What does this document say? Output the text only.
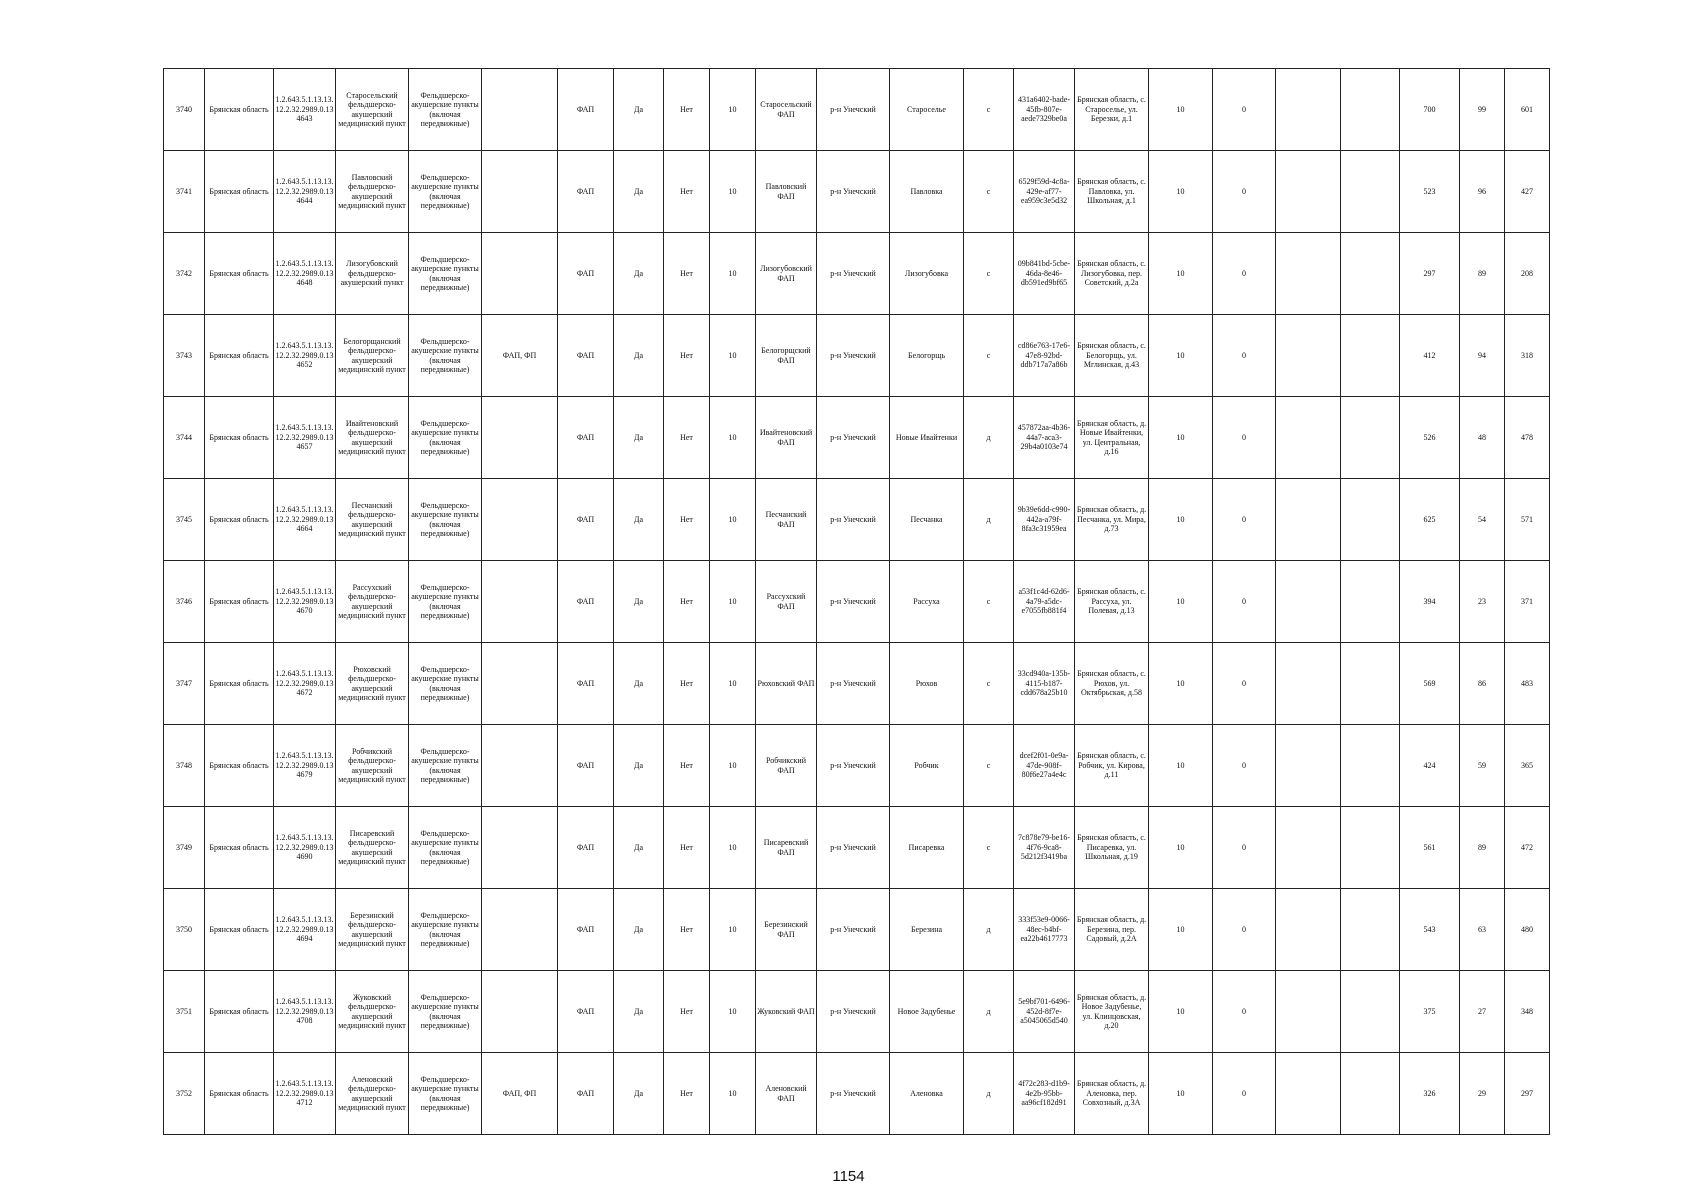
3740	Брянская область	1.2.643.5.1.13.13.12.2.32.2989.0.134643	Старосельский фельдшерско-акушерский медицинский пункт	Фельдшерско-акушерские пункты (включая передвижные)		ФАП	Да	Нет	10	Старосельский ФАП	р-н Унечский	Староселье	с	431a6402-bade-45fb-807e-aede7329be0a	Брянская область, с. Староселье, ул. Березки, д.1	10	0			700	99	601
3741	Брянская область	1.2.643.5.1.13.13.12.2.32.2989.0.134644	Павловский фельдшерско-акушерский медицинский пункт	Фельдшерско-акушерские пункты (включая передвижные)		ФАП	Да	Нет	10	Павловский ФАП	р-н Унечский	Павловка	с	6529f59d-4c8a-429e-af77-ea959c3e5d32	Брянская область, с. Павловка, ул. Школьная, д.1	10	0			523	96	427
3742	Брянская область	1.2.643.5.1.13.13.12.2.32.2989.0.134648	Лизогубовский фельдшерско-акушерский пункт	Фельдшерско-акушерские пункты (включая передвижные)		ФАП	Да	Нет	10	Лизогубовский ФАП	р-н Унечский	Лизогубовка	с	09b841bd-5cbe-46da-8e46-db591ed9bf65	Брянская область, с. Лизогубовка, пер. Советский, д.2а	10	0			297	89	208
3743	Брянская область	1.2.643.5.1.13.13.12.2.32.2989.0.134652	Белогорщанский фельдшерско-акушерский медицинский пункт	Фельдшерско-акушерские пункты (включая передвижные)	ФАП, ФП	ФАП	Да	Нет	10	Белогорщский ФАП	р-н Унечский	Белогорщь	с	cd86e763-17e6-47e8-92bd-ddb717a7a86b	Брянская область, с. Белогорщь, ул. Мглинская, д.43	10	0			412	94	318
3744	Брянская область	1.2.643.5.1.13.13.12.2.32.2989.0.134657	Ивайтеновский фельдшерско-акушерский медицинский пункт	Фельдшерско-акушерские пункты (включая передвижные)		ФАП	Да	Нет	10	Ивайтеновский ФАП	р-н Унечский	Новые Ивайтенки	д	457872aa-4b36-44a7-aca3-29b4a0103e74	Брянская область, д. Новые Ивайтенки, ул. Центральная, д.16	10	0			526	48	478
3745	Брянская область	1.2.643.5.1.13.13.12.2.32.2989.0.134664	Песчанский фельдшерско-акушерский медицинский пункт	Фельдшерско-акушерские пункты (включая передвижные)		ФАП	Да	Нет	10	Песчанский ФАП	р-н Унечский	Песчанка	д	9b39e6dd-c990-442a-a79f-8fa3c31959ea	Брянская область, д. Песчанка, ул. Мира, д.73	10	0			625	54	571
3746	Брянская область	1.2.643.5.1.13.13.12.2.32.2989.0.134670	Рассухский фельдшерско-акушерский медицинский пункт	Фельдшерско-акушерские пункты (включая передвижные)		ФАП	Да	Нет	10	Рассухский ФАП	р-н Унечский	Рассуха	с	a53f1c4d-62d6-4a79-a5dc-e7055fb881f4	Брянская область, с. Рассуха, ул. Полевая, д.13	10	0			394	23	371
3747	Брянская область	1.2.643.5.1.13.13.12.2.32.2989.0.134672	Рюховский фельдшерско-акушерский медицинский пункт	Фельдшерско-акушерские пункты (включая передвижные)		ФАП	Да	Нет	10	Рюховский ФАП	р-н Унечский	Рюхов	с	33cd940a-135b-4115-b187-cdd678a25b10	Брянская область, с. Рюхов, ул. Октябрьская, д.58	10	0			569	86	483
3748	Брянская область	1.2.643.5.1.13.13.12.2.32.2989.0.134679	Робчикский фельдшерско-акушерский медицинский пункт	Фельдшерско-акушерские пункты (включая передвижные)		ФАП	Да	Нет	10	Робчикский ФАП	р-н Унечский	Робчик	с	dcef2f01-0e9a-47de-908f-80f6e27a4e4c	Брянская область, с. Робчик, ул. Кирова, д.11	10	0			424	59	365
3749	Брянская область	1.2.643.5.1.13.13.12.2.32.2989.0.134690	Писаревский фельдшерско-акушерский медицинский пункт	Фельдшерско-акушерские пункты (включая передвижные)		ФАП	Да	Нет	10	Писаревский ФАП	р-н Унечский	Писаревка	с	7c878e79-be16-4f76-9ca8-5d212f3419ba	Брянская область, с. Писаревка, ул. Школьная, д.19	10	0			561	89	472
3750	Брянская область	1.2.643.5.1.13.13.12.2.32.2989.0.134694	Березинский фельдшерско-акушерский медицинский пункт	Фельдшерско-акушерские пункты (включая передвижные)		ФАП	Да	Нет	10	Березинский ФАП	р-н Унечский	Березина	д	333f53e9-0066-48ec-b4bf-ea22b4617773	Брянская область, д. Березина, пер. Садовый, д.2А	10	0			543	63	480
3751	Брянская область	1.2.643.5.1.13.13.12.2.32.2989.0.134708	Жуковский фельдшерско-акушерский медицинский пункт	Фельдшерско-акушерские пункты (включая передвижные)		ФАП	Да	Нет	10	Жуковский ФАП	р-н Унечский	Новое Задубенье	д	5e9bf701-6496-452d-8f7e-a5045065d540	Брянская область, д. Новое Задубенье, ул. Клинцовская, д.20	10	0			375	27	348
3752	Брянская область	1.2.643.5.1.13.13.12.2.32.2989.0.134712	Аленовский фельдшерско-акушерский медицинский пункт	Фельдшерско-акушерские пункты (включая передвижные)	ФАП, ФП	ФАП	Да	Нет	10	Аленовский ФАП	р-н Унечский	Аленовка	д	4f72c283-d1b9-4e2b-95bb-aa96cf182d91	Брянская область, д. Аленовка, пер. Совхозный, д.3А	10	0			326	29	297
1154
